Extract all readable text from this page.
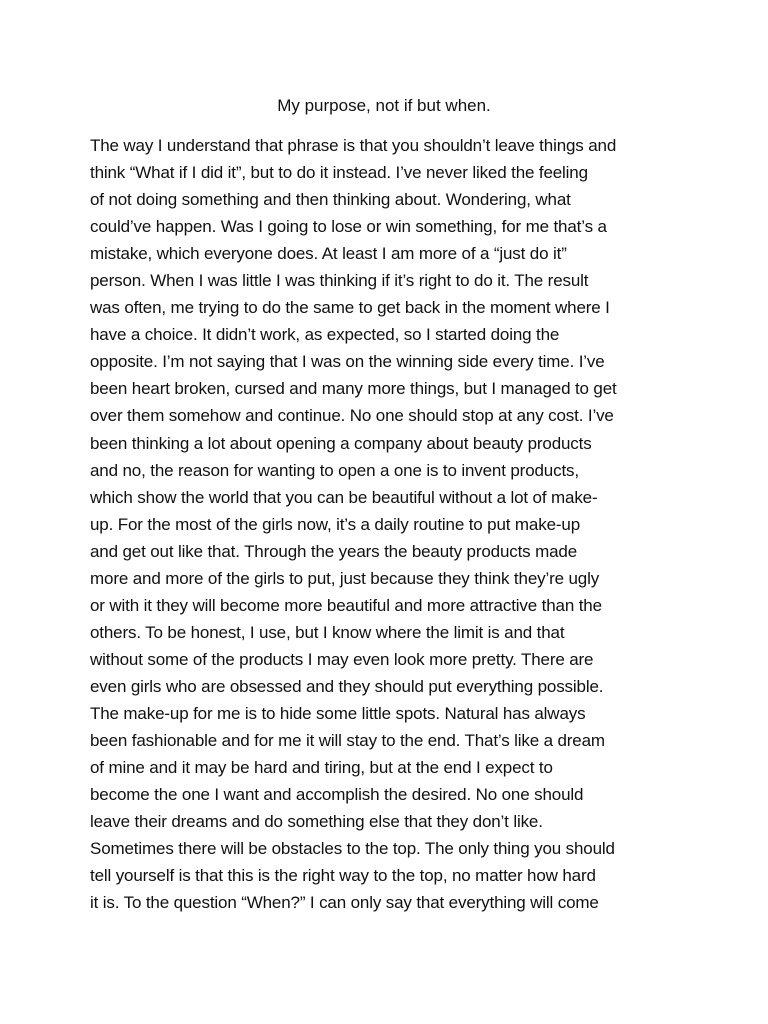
My purpose, not if but when.
The way I understand that phrase is that you shouldn’t leave things and
think “What if I did it”, but to do it instead. I’ve never liked the feeling
of not doing something and then thinking about. Wondering, what
could’ve happen. Was I going to lose or win something, for me that’s a
mistake, which everyone does. At least I am more of a “just do it”
person. When I was little I was thinking if it’s right to do it. The result
was often, me trying to do the same to get back in the moment where I
have a choice. It didn’t work, as expected, so I started doing the
opposite. I’m not saying that I was on the winning side every time. I’ve
been heart broken, cursed and many more things, but I managed to get
over them somehow and continue. No one should stop at any cost. I’ve
been thinking a lot about opening a company about beauty products
and no, the reason for wanting to open a one is to invent products,
which show the world that you can be beautiful without a lot of make-
up. For the most of the girls now, it’s a daily routine to put make-up
and get out like that. Through the years the beauty products made
more and more of the girls to put, just because they think they’re ugly
or with it they will become more beautiful and more attractive than the
others. To be honest, I use, but I know where the limit is and that
without some of the products I may even look more pretty. There are
even girls who are obsessed and they should put everything possible.
The make-up for me is to hide some little spots. Natural has always
been fashionable and for me it will stay to the end. That’s like a dream
of mine and it may be hard and tiring, but at the end I expect to
become the one I want and accomplish the desired. No one should
leave their dreams and do something else that they don’t like.
Sometimes there will be obstacles to the top. The only thing you should
tell yourself is that this is the right way to the top, no matter how hard
it is. To the question “When?” I can only say that everything will come
